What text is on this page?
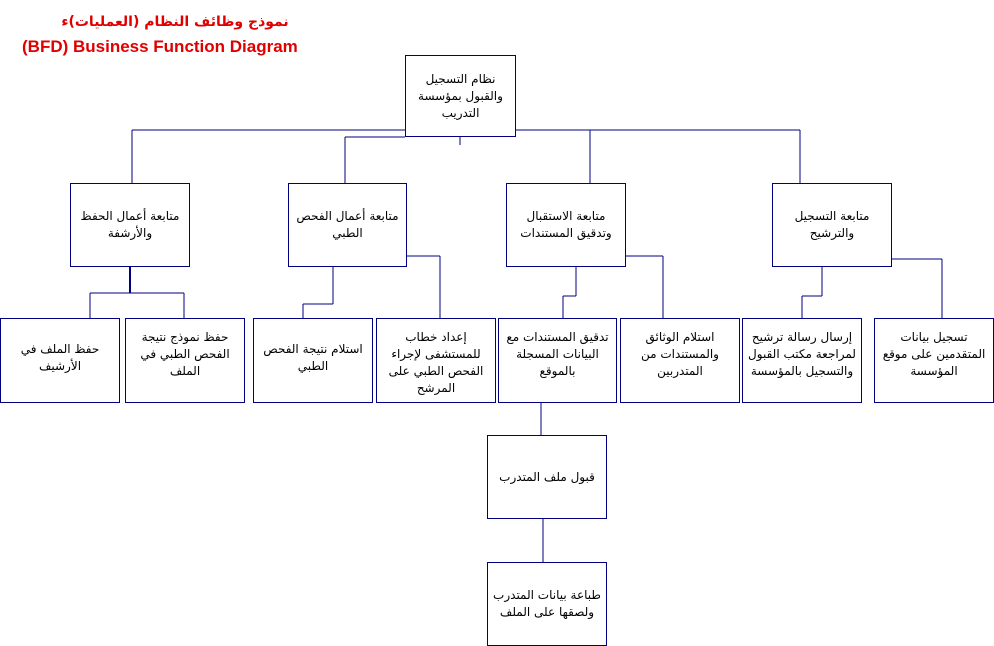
نموذج وظائف النظام (العمليات)ء
(BFD) Business Function Diagram
نظام التسجيل والقبول بمؤسسة التدريب
متابعة أعمال الحفظ والأرشفة
متابعة أعمال الفحص الطبي
متابعة الاستقبال وتدقيق المستندات
متابعة التسجيل والترشيح
حفظ الملف في الأرشيف
حفظ نموذج نتيجة الفحص الطبي في الملف
استلام نتيجة الفحص الطبي
إعداد خطاب للمستشفى لإجراء الفحص الطبي على المرشح
تدقيق المستندات مع البيانات المسجلة بالموقع
استلام الوثائق والمستندات من المتدربين
إرسال رسالة ترشيح لمراجعة مكتب القبول والتسجيل بالمؤسسة
تسجيل بيانات المتقدمين على موقع المؤسسة
قبول ملف المتدرب
طباعة بيانات المتدرب ولصقها على الملف
